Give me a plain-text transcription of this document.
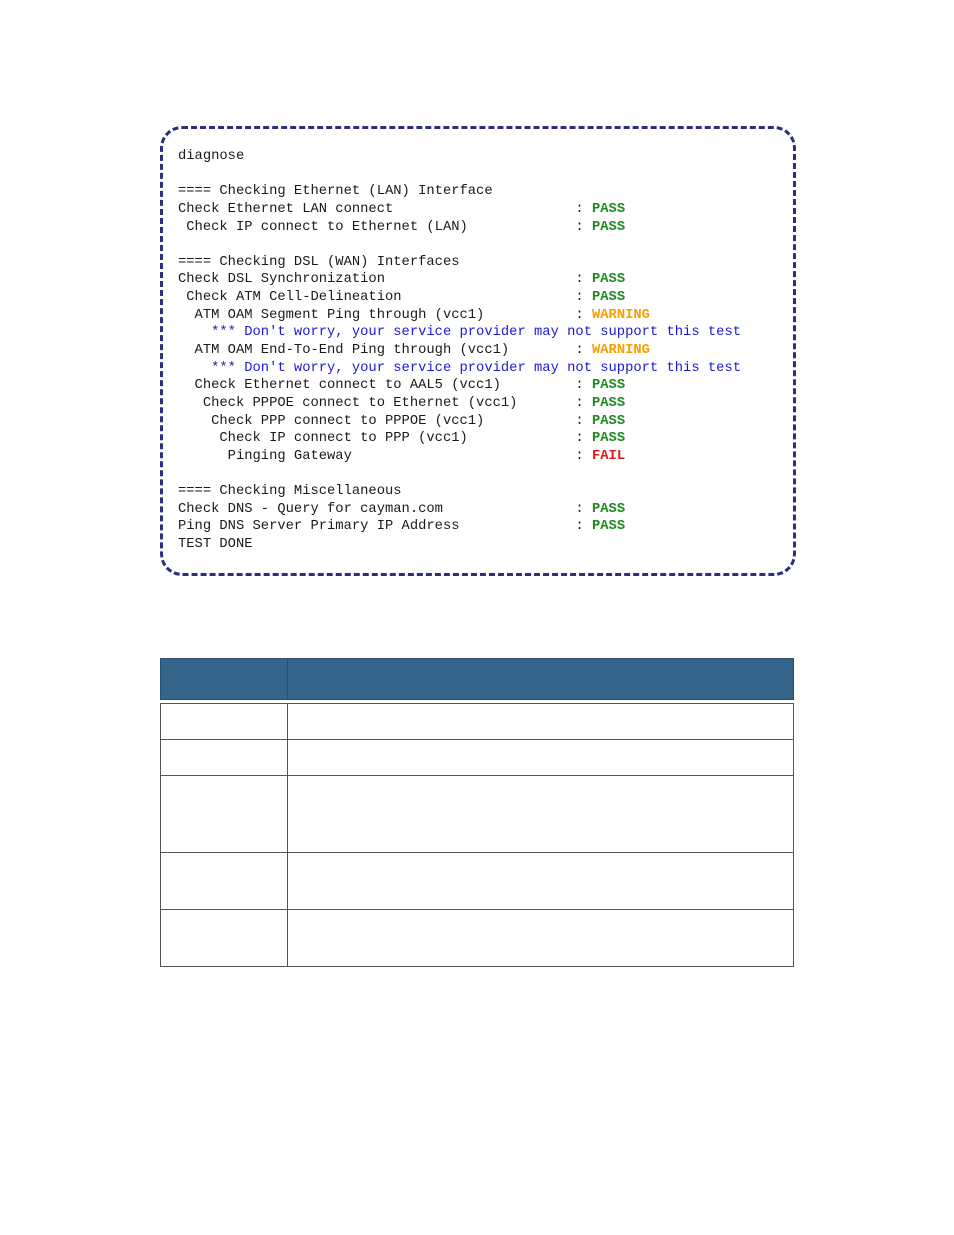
diagnose
==== Checking Ethernet (LAN) Interface
Check Ethernet LAN connect                      : PASS
Check IP connect to Ethernet (LAN)             : PASS
==== Checking DSL (WAN) Interfaces
Check DSL Synchronization                       : PASS
Check ATM Cell-Delineation                     : PASS
ATM OAM Segment Ping through (vcc1)           : WARNING
*** Don't worry, your service provider may not support this test
ATM OAM End-To-End Ping through (vcc1)        : WARNING
*** Don't worry, your service provider may not support this test
Check Ethernet connect to AAL5 (vcc1)         : PASS
Check PPPOE connect to Ethernet (vcc1)       : PASS
Check PPP connect to PPPOE (vcc1)           : PASS
Check IP connect to PPP (vcc1)             : PASS
Pinging Gateway                           : FAIL
==== Checking Miscellaneous
Check DNS - Query for cayman.com                : PASS
Ping DNS Server Primary IP Address              : PASS
TEST DONE
